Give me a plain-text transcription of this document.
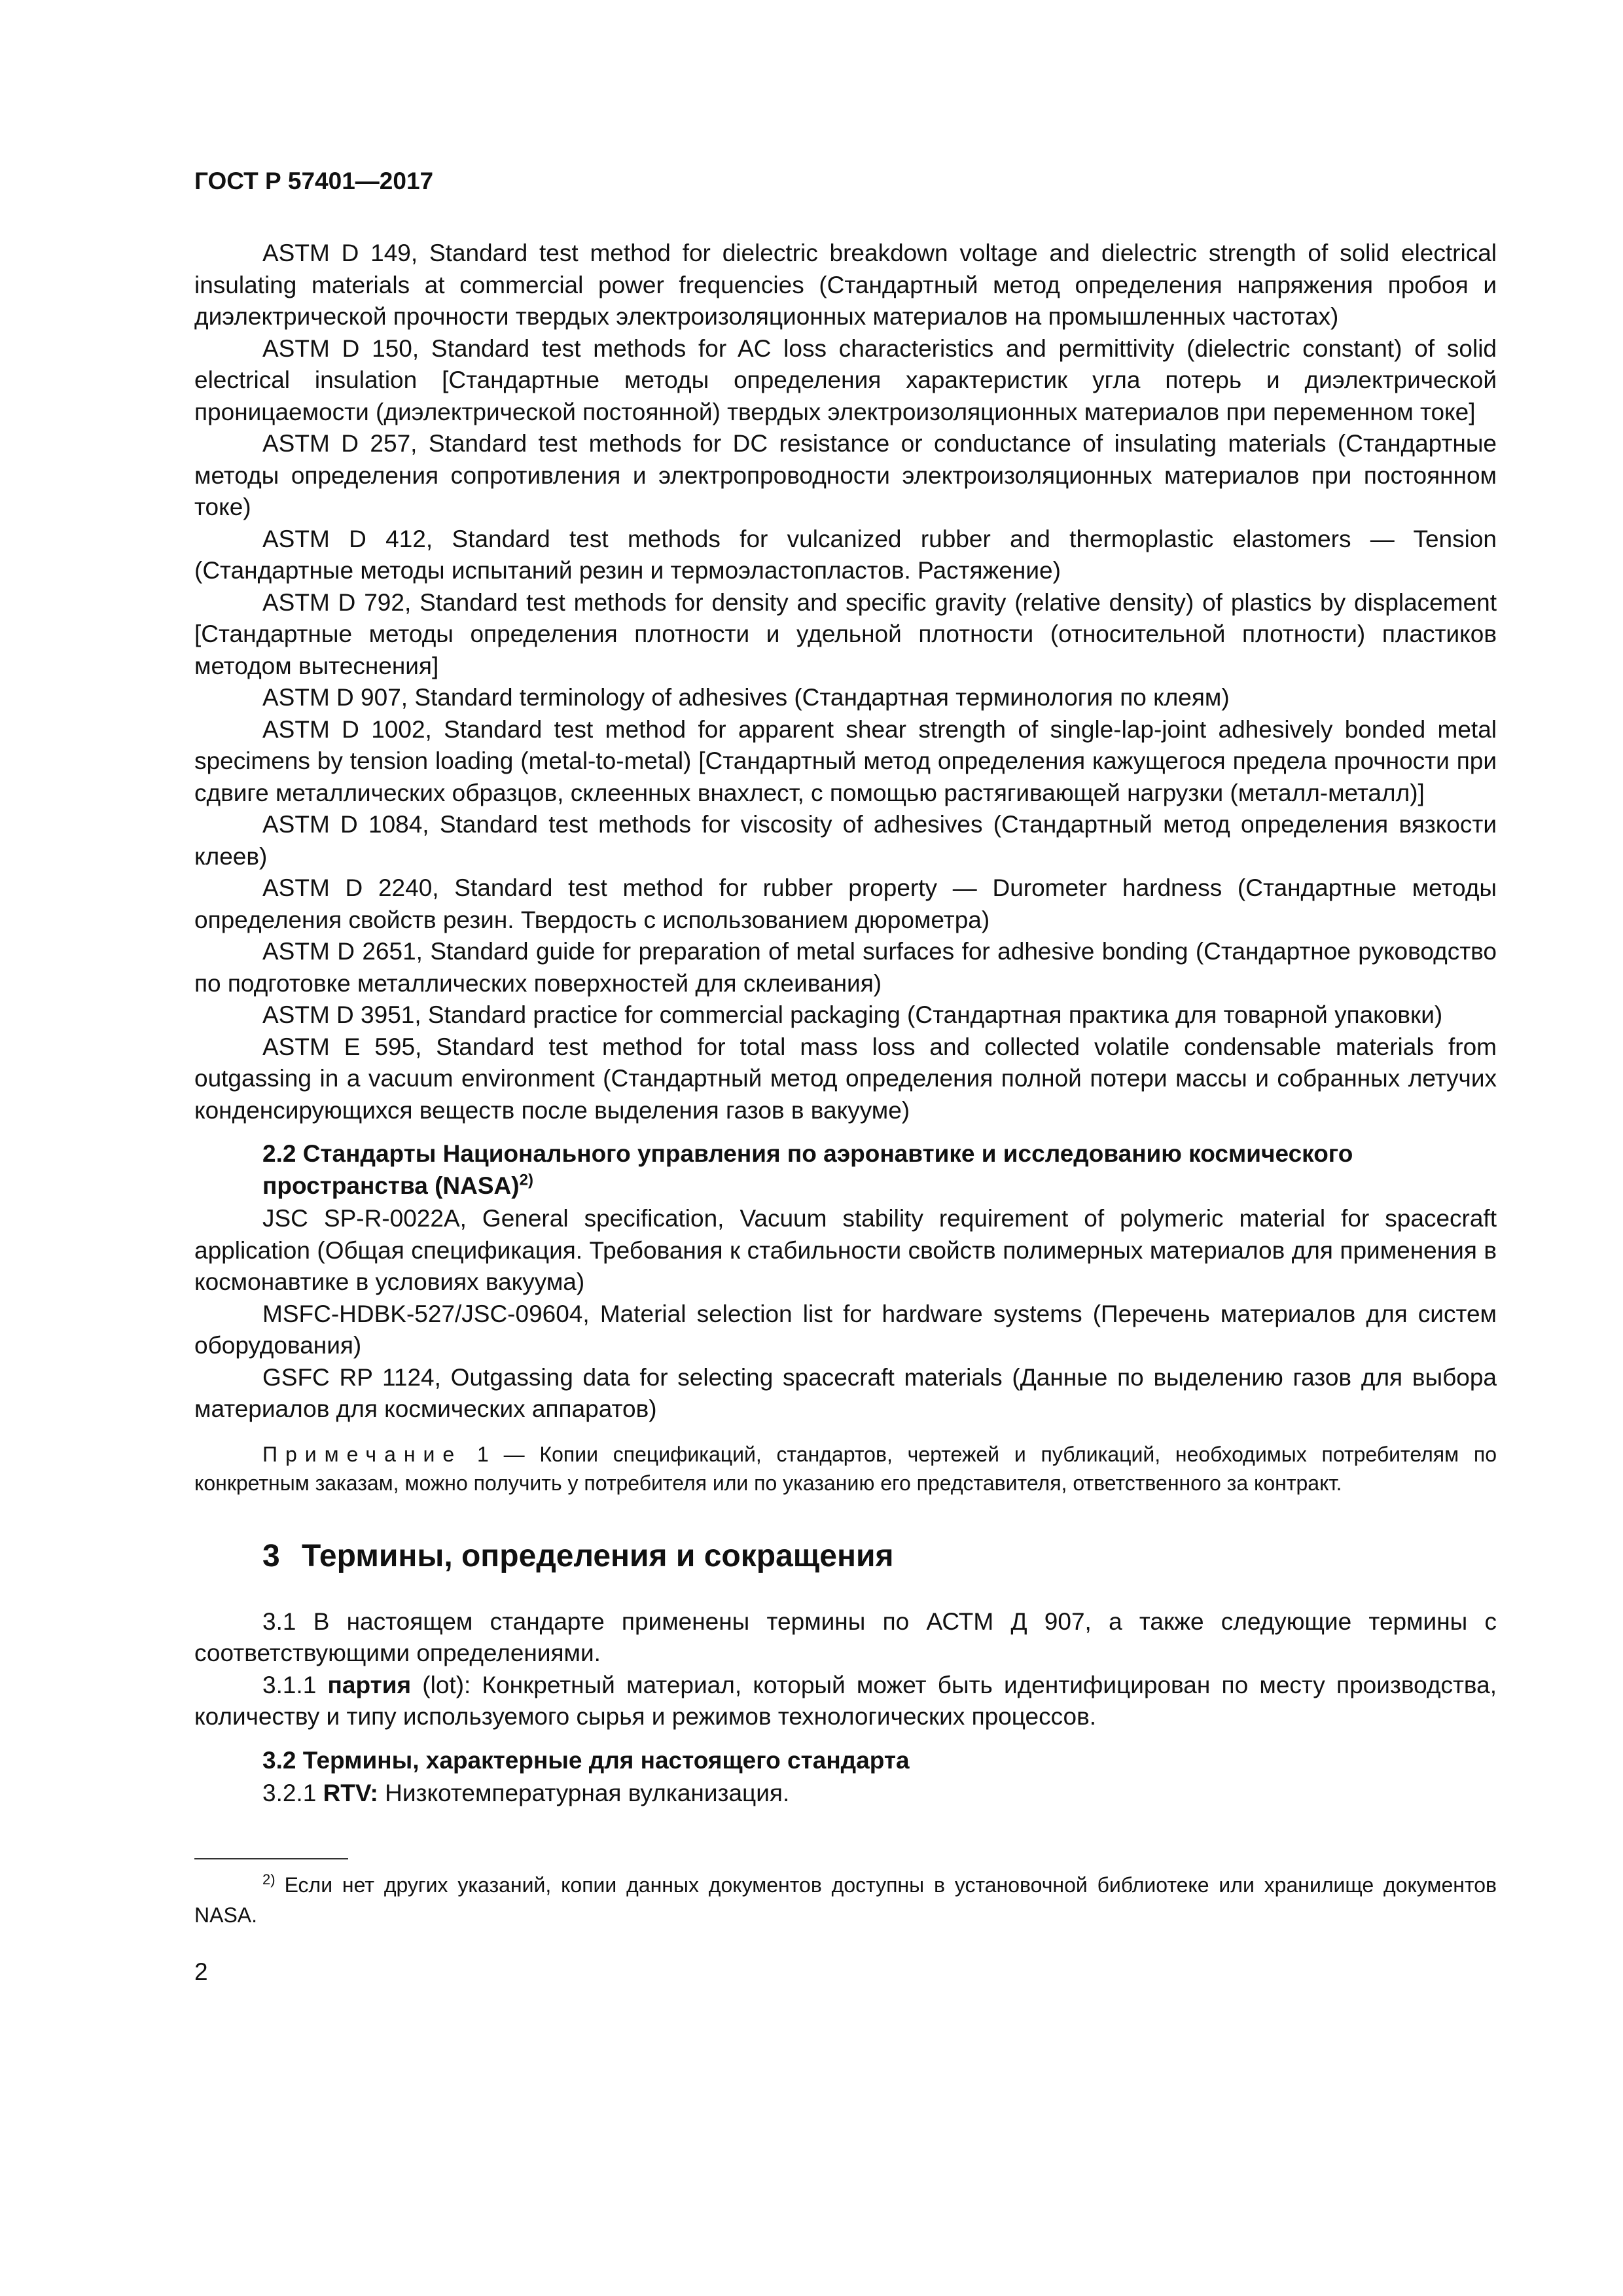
ГОСТ Р 57401—2017

ASTM D 149, Standard test method for dielectric breakdown voltage and dielectric strength of solid electrical insulating materials at commercial power frequencies (Стандартный метод определения напряжения пробоя и диэлектрической прочности твердых электроизоляционных материалов на промышленных частотах)

ASTM D 150, Standard test methods for AC loss characteristics and permittivity (dielectric constant) of solid electrical insulation [Стандартные методы определения характеристик угла потерь и диэлектрической проницаемости (диэлектрической постоянной) твердых электроизоляционных материалов при переменном токе]

ASTM D 257, Standard test methods for DC resistance or conductance of insulating materials (Стандартные методы определения сопротивления и электропроводности электроизоляционных материалов при постоянном токе)

ASTM D 412, Standard test methods for vulcanized rubber and thermoplastic elastomers — Tension (Стандартные методы испытаний резин и термоэластопластов. Растяжение)

ASTM D 792, Standard test methods for density and specific gravity (relative density) of plastics by displacement [Стандартные методы определения плотности и удельной плотности (относительной плотности) пластиков методом вытеснения]

ASTM D 907, Standard terminology of adhesives (Стандартная терминология по клеям)

ASTM D 1002, Standard test method for apparent shear strength of single-lap-joint adhesively bonded metal specimens by tension loading (metal-to-metal) [Стандартный метод определения кажущегося предела прочности при сдвиге металлических образцов, склеенных внахлест, с помощью растягивающей нагрузки (металл-металл)]

ASTM D 1084, Standard test methods for viscosity of adhesives (Стандартный метод определения вязкости клеев)

ASTM D 2240, Standard test method for rubber property — Durometer hardness (Стандартные методы определения свойств резин. Твердость с использованием дюрометра)

ASTM D 2651, Standard guide for preparation of metal surfaces for adhesive bonding (Стандартное руководство по подготовке металлических поверхностей для склеивания)

ASTM D 3951, Standard practice for commercial packaging (Стандартная практика для товарной упаковки)

ASTM E 595, Standard test method for total mass loss and collected volatile condensable materials from outgassing in a vacuum environment (Стандартный метод определения полной потери массы и собранных летучих конденсирующихся веществ после выделения газов в вакууме)

2.2 Стандарты Национального управления по аэронавтике и исследованию космического пространства (NASA)$^{2)}$

JSC SP-R-0022A, General specification, Vacuum stability requirement of polymeric material for spacecraft application (Общая спецификация. Требования к стабильности свойств полимерных материалов для применения в космонавтике в условиях вакуума)

MSFC-HDBK-527/JSC-09604, Material selection list for hardware systems (Перечень материалов для систем оборудования)

GSFC RP 1124, Outgassing data for selecting spacecraft materials (Данные по выделению газов для выбора материалов для космических аппаратов)

Примечание 1 — Копии спецификаций, стандартов, чертежей и публикаций, необходимых потребителям по конкретным заказам, можно получить у потребителя или по указанию его представителя, ответственного за контракт.

3 Термины, определения и сокращения

3.1 В настоящем стандарте применены термины по АСТМ Д 907, а также следующие термины с соответствующими определениями.

3.1.1 партия (lot): Конкретный материал, который может быть идентифицирован по месту производства, количеству и типу используемого сырья и режимов технологических процессов.

3.2 Термины, характерные для настоящего стандарта

3.2.1 RTV: Низкотемпературная вулканизация.

$^{2)}$ Если нет других указаний, копии данных документов доступны в установочной библиотеке или хранилище документов NASA.

2
